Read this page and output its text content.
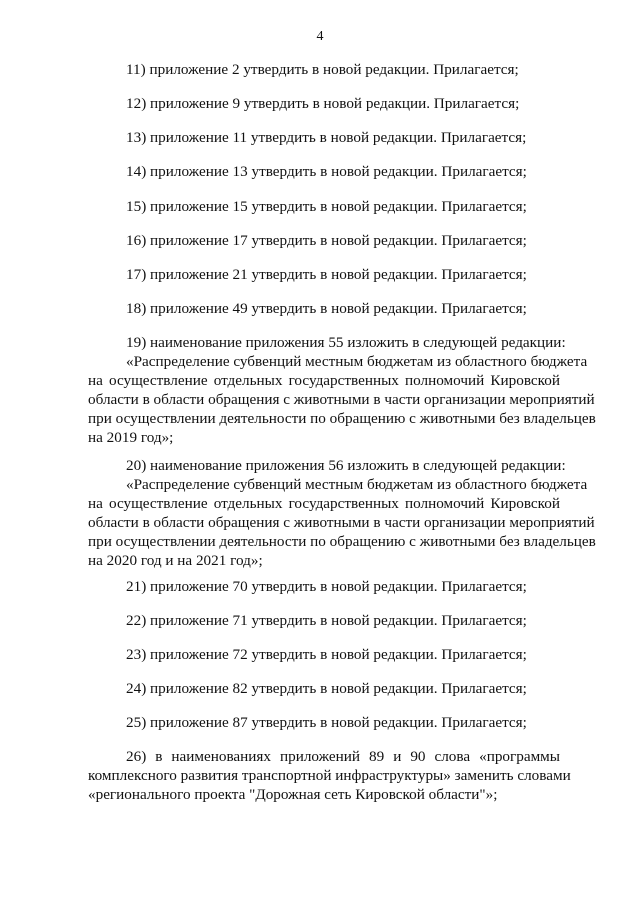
4
11) приложение 2 утвердить в новой редакции. Прилагается;
12) приложение 9 утвердить в новой редакции. Прилагается;
13) приложение 11 утвердить в новой редакции. Прилагается;
14) приложение 13 утвердить в новой редакции. Прилагается;
15) приложение 15 утвердить в новой редакции. Прилагается;
16) приложение 17 утвердить в новой редакции. Прилагается;
17) приложение 21 утвердить в новой редакции. Прилагается;
18) приложение 49 утвердить в новой редакции. Прилагается;
19) наименование приложения 55 изложить в следующей редакции:
«Распределение субвенций местным бюджетам из областного бюджета
на осуществление отдельных государственных полномочий Кировской
области в области обращения с животными в части организации мероприятий
при осуществлении деятельности по обращению с животными без владельцев
на 2019 год»;
20) наименование приложения 56 изложить в следующей редакции:
«Распределение субвенций местным бюджетам из областного бюджета
на осуществление отдельных государственных полномочий Кировской
области в области обращения с животными в части организации мероприятий
при осуществлении деятельности по обращению с животными без владельцев
на 2020 год и на 2021 год»;
21) приложение 70 утвердить в новой редакции. Прилагается;
22) приложение 71 утвердить в новой редакции. Прилагается;
23) приложение 72 утвердить в новой редакции. Прилагается;
24) приложение 82 утвердить в новой редакции. Прилагается;
25) приложение 87 утвердить в новой редакции. Прилагается;
26) в наименованиях приложений 89 и 90 слова «программы
комплексного развития транспортной инфраструктуры» заменить словами
«регионального проекта "Дорожная сеть Кировской области"»;
